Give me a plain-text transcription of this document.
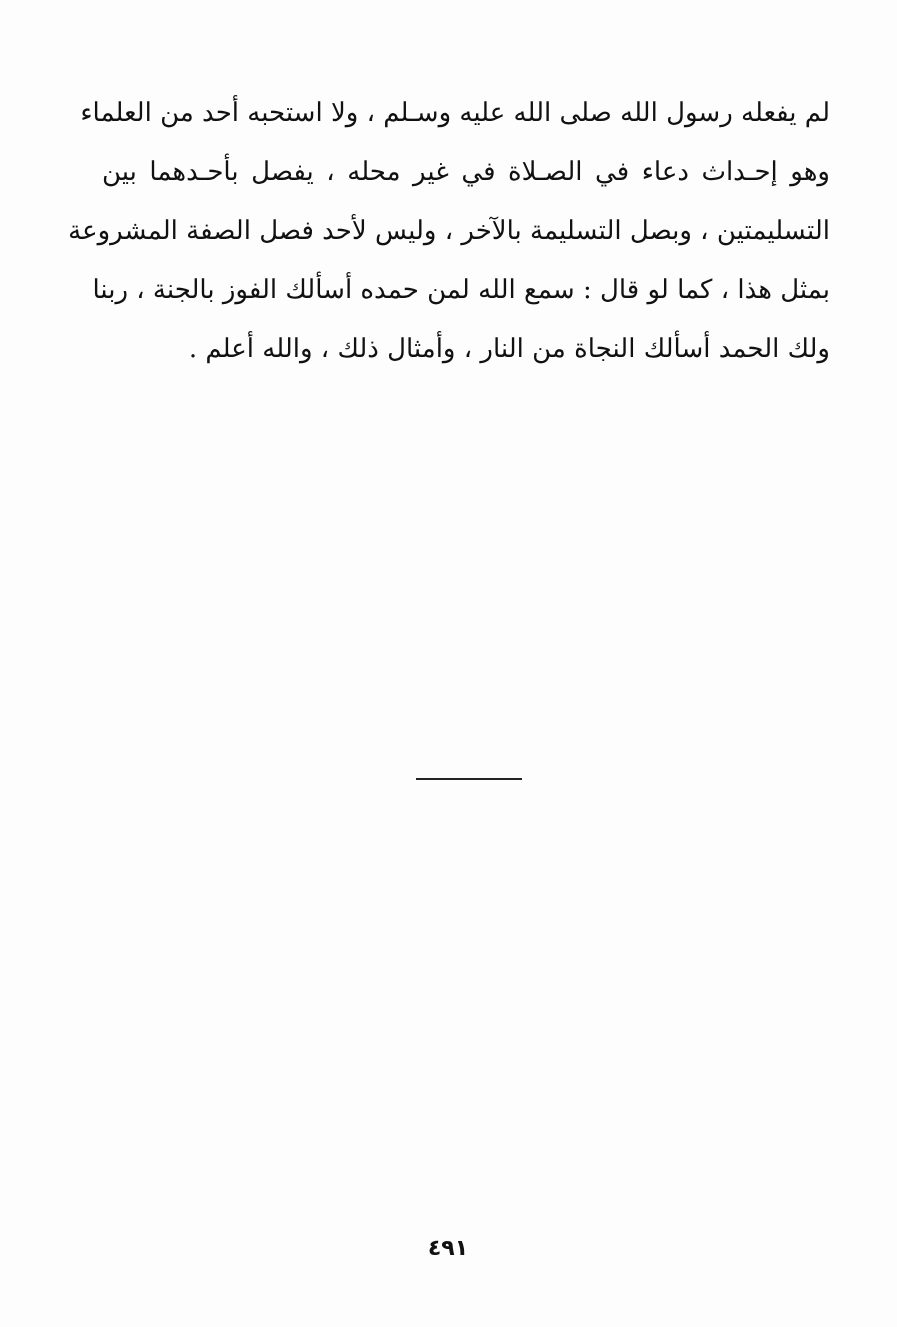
لم يفعله رسول الله صلى الله عليه وسـلم ، ولا استحبه أحد من العلماء
وهو إحـداث دعاء في الصـلاة في غير محله ، يفصل بأحـدهما بين
التسليمتين ، وبصل التسليمة بالآخر ، وليس لأحد فصل الصفة المشروعة
بمثل هذا ، كما لو قال : سمع الله لمن حمده أسألك الفوز بالجنة ، ربنا
ولك الحمد أسألك النجاة من النار ، وأمثال ذلك ، والله أعلم .
٤٩١
